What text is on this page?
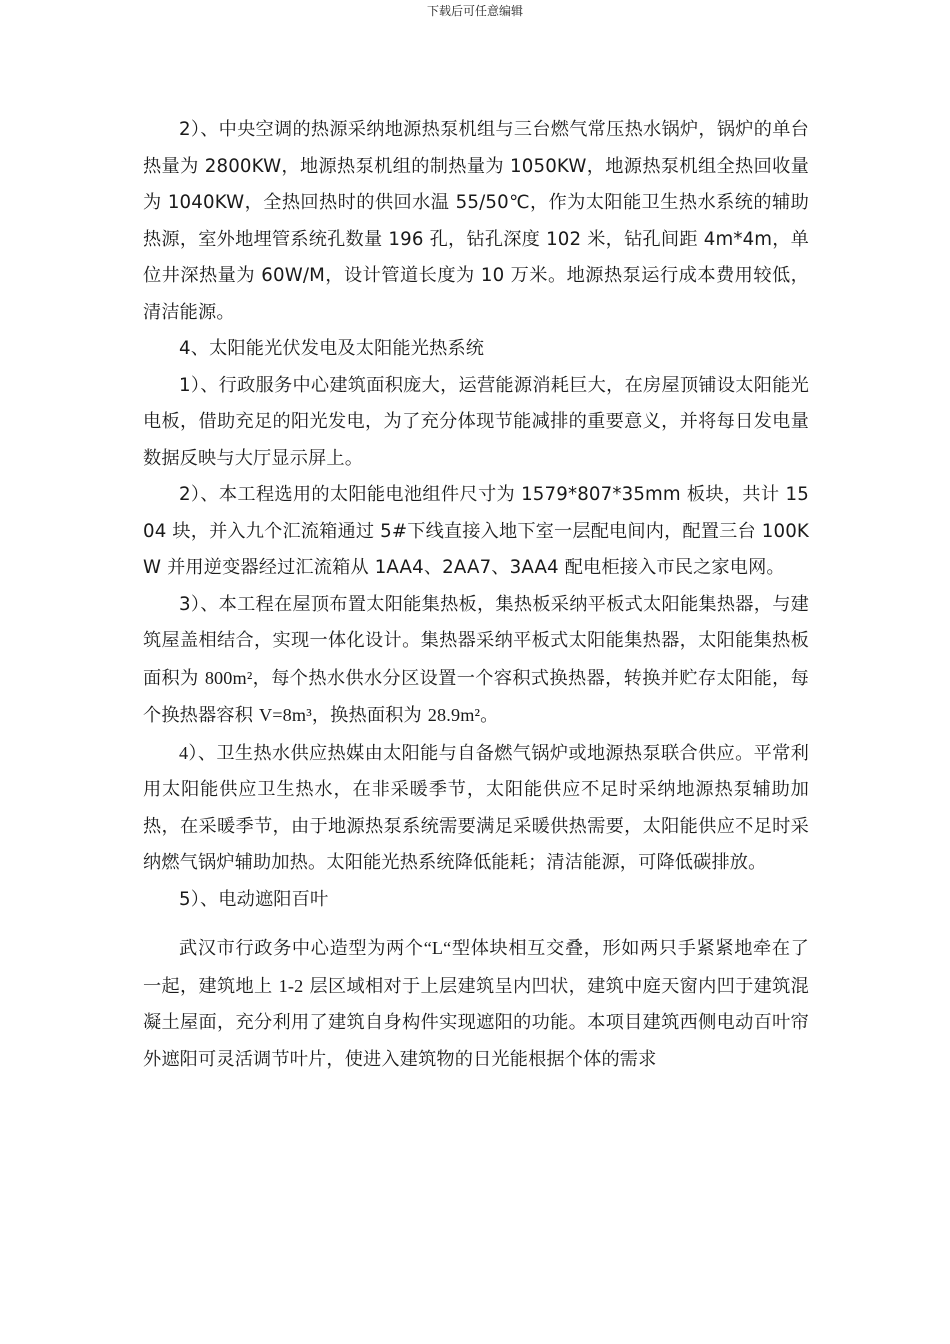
下载后可任意编辑

2）、中央空调的热源采纳地源热泵机组与三台燃气常压热水锅炉，锅炉的单台热量为 2800KW，地源热泵机组的制热量为 1050KW，地源热泵机组全热回收量为 1040KW，全热回热时的供回水温 55/50℃，作为太阳能卫生热水系统的辅助热源，室外地埋管系统孔数量 196 孔，钻孔深度 102 米，钻孔间距 4m*4m，单位井深热量为 60W/M，设计管道长度为 10 万米。地源热泵运行成本费用较低，清洁能源。

4、太阳能光伏发电及太阳能光热系统

1）、行政服务中心建筑面积庞大，运营能源消耗巨大，在房屋顶铺设太阳能光电板，借助充足的阳光发电，为了充分体现节能减排的重要意义，并将每日发电量数据反映与大厅显示屏上。

2）、本工程选用的太阳能电池组件尺寸为 1579*807*35mm 板块，共计 1504 块，并入九个汇流箱通过 5#下线直接入地下室一层配电间内，配置三台 100KW 并用逆变器经过汇流箱从 1AA4、2AA7、3AA4 配电柜接入市民之家电网。

3）、本工程在屋顶布置太阳能集热板，集热板采纳平板式太阳能集热器，与建筑屋盖相结合，实现一体化设计。集热器采纳平板式太阳能集热器，太阳能集热板面积为 800m²，每个热水供水分区设置一个容积式换热器，转换并贮存太阳能，每个换热器容积 V=8m³，换热面积为 28.9m²。

4）、卫生热水供应热媒由太阳能与自备燃气锅炉或地源热泵联合供应。平常利用太阳能供应卫生热水，在非采暖季节，太阳能供应不足时采纳地源热泵辅助加热，在采暖季节，由于地源热泵系统需要满足采暖供热需要，太阳能供应不足时采纳燃气锅炉辅助加热。太阳能光热系统降低能耗；清洁能源，可降低碳排放。

5）、电动遮阳百叶

武汉市行政务中心造型为两个“L“型体块相互交叠，形如两只手紧紧地牵在了一起，建筑地上 1-2 层区域相对于上层建筑呈内凹状，建筑中庭天窗内凹于建筑混凝土屋面，充分利用了建筑自身构件实现遮阳的功能。本项目建筑西侧电动百叶帘外遮阳可灵活调节叶片，使进入建筑物的日光能根据个体的需求
